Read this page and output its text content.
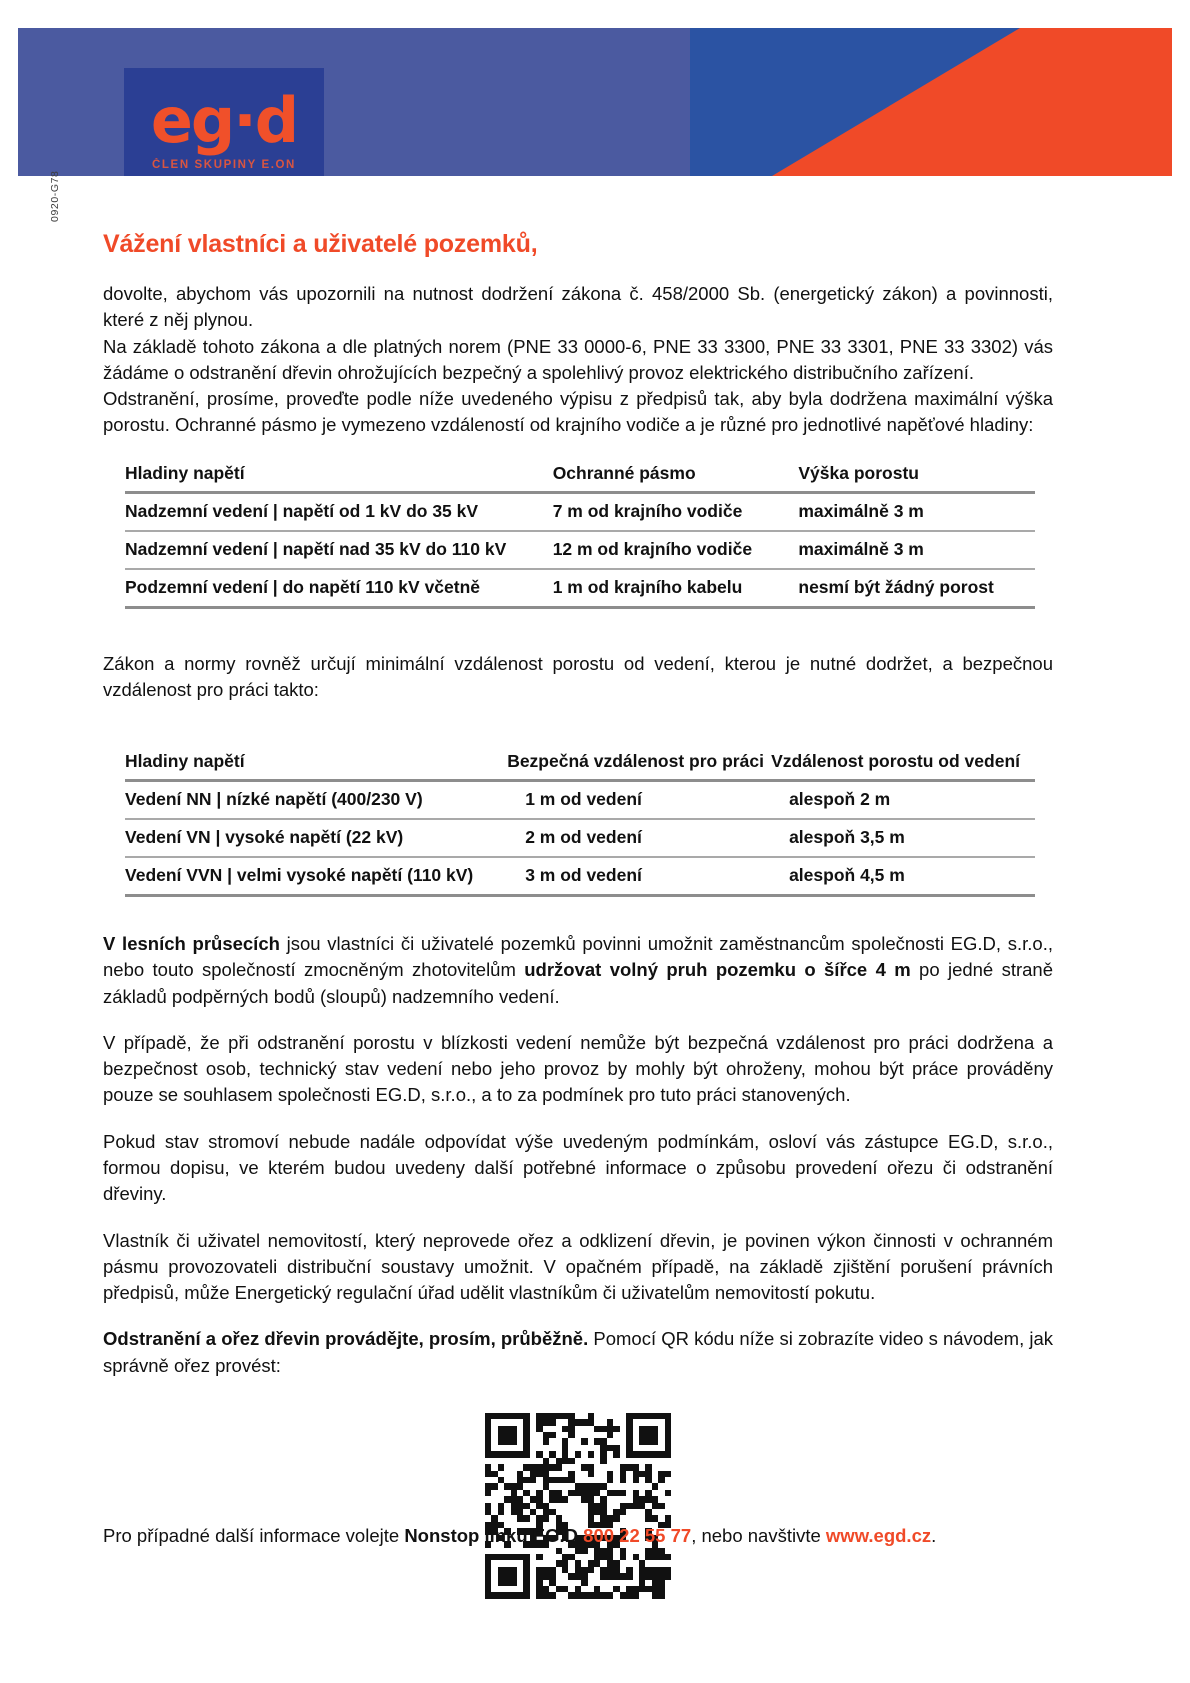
eg·d
ČLEN SKUPINY E.ON
0920-G78
Vážení vlastníci a uživatelé pozemků,

dovolte, abychom vás upozornili na nutnost dodržení zákona č. 458/2000 Sb. (energetický zákon) a povinnosti, které z něj plynou.

Na základě tohoto zákona a dle platných norem (PNE 33 0000-6, PNE 33 3300, PNE 33 3301, PNE 33 3302) vás žádáme o odstranění dřevin ohrožujících bezpečný a spolehlivý provoz elektrického distribučního zařízení.

Odstranění, prosíme, proveďte podle níže uvedeného výpisu z předpisů tak, aby byla dodržena maximální výška porostu. Ochranné pásmo je vymezeno vzdáleností od krajního vodiče a je různé pro jednotlivé napěťové hladiny:

Hladiny napětí	Ochranné pásmo	Výška porostu
Nadzemní vedení | napětí od 1 kV do 35 kV	7 m od krajního vodiče	maximálně 3 m
Nadzemní vedení | napětí nad 35 kV do 110 kV	12 m od krajního vodiče	maximálně 3 m
Podzemní vedení | do napětí 110 kV včetně	1 m od krajního kabelu	nesmí být žádný porost

Zákon a normy rovněž určují minimální vzdálenost porostu od vedení, kterou je nutné dodržet, a bezpečnou vzdálenost pro práci takto:

Hladiny napětí	Bezpečná vzdálenost pro práci	Vzdálenost porostu od vedení
Vedení NN | nízké napětí (400/230 V)	1 m od vedení	alespoň 2 m
Vedení VN | vysoké napětí (22 kV)	2 m od vedení	alespoň 3,5 m
Vedení VVN | velmi vysoké napětí (110 kV)	3 m od vedení	alespoň 4,5 m

V lesních průsecích jsou vlastníci či uživatelé pozemků povinni umožnit zaměstnancům společnosti EG.D, s.r.o., nebo touto společností zmocněným zhotovitelům udržovat volný pruh pozemku o šířce 4 m po jedné straně základů podpěrných bodů (sloupů) nadzemního vedení.

V případě, že při odstranění porostu v blízkosti vedení nemůže být bezpečná vzdálenost pro práci dodržena a bezpečnost osob, technický stav vedení nebo jeho provoz by mohly být ohroženy, mohou být práce prováděny pouze se souhlasem společnosti EG.D, s.r.o., a to za podmínek pro tuto práci stanovených.

Pokud stav stromoví nebude nadále odpovídat výše uvedeným podmínkám, osloví vás zástupce EG.D, s.r.o., formou dopisu, ve kterém budou uvedeny další potřebné informace o způsobu provedení ořezu či odstranění dřeviny.

Vlastník či uživatel nemovitostí, který neprovede ořez a odklizení dřevin, je povinen výkon činnosti v ochranném pásmu provozovateli distribuční soustavy umožnit. V opačném případě, na základě zjištění porušení právních předpisů, může Energetický regulační úřad udělit vlastníkům či uživatelům nemovitostí pokutu.

Odstranění a ořez dřevin provádějte, prosím, průběžně. Pomocí QR kódu níže si zobrazíte video s návodem, jak správně ořez provést:

Pro případné další informace volejte Nonstop linku EG.D 800 22 55 77, nebo navštivte www.egd.cz.
